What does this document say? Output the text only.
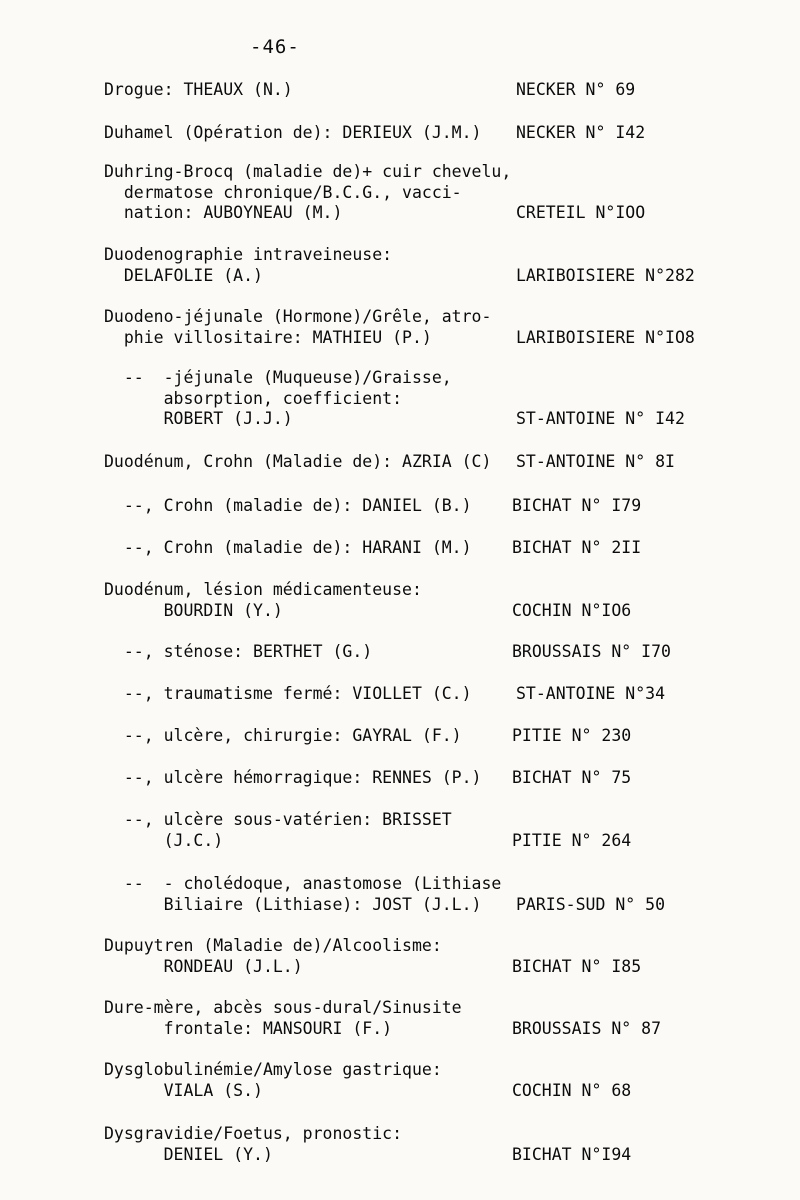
-46-
Drogue: THEAUX (N.)	NECKER N° 69
Duhamel (Opération de): DERIEUX (J.M.) NECKER N° I42
Duhring-Brocq (maladie de)+ cuir chevelu,
dermatose chronique/B.C.G., vacci-
nation: AUBOYNEAU (M.)	CRETEIL N°IOO
Duodenographie intraveineuse:
DELAFOLIE (A.)	LARIBOISIERE N°282
Duodeno-jéjunale (Hormone)/Grêle, atro-
phie villositaire: MATHIEU (P.)	LARIBOISIERE N°IO8
--  -jéjunale (Muqueuse)/Graisse,
absorption, coefficient:
ROBERT (J.J.)	ST-ANTOINE N° I42
Duodénum, Crohn (Maladie de): AZRIA (C) ST-ANTOINE N° 8I
--, Crohn (maladie de): DANIEL (B.) BICHAT N° I79
--, Crohn (maladie de): HARANI (M.) BICHAT N° 2II
Duodénum, lésion médicamenteuse:
BOURDIN (Y.)	COCHIN N°IO6
--, sténose: BERTHET (G.)	BROUSSAIS N° I70
--, traumatisme fermé: VIOLLET (C.)	ST-ANTOINE N°34
--, ulcère, chirurgie: GAYRAL (F.)	PITIE N° 230
--, ulcère hémorragique: RENNES (P.) BICHAT N° 75
--, ulcère sous-vatérien: BRISSET
(J.C.)	PITIE N° 264
--  - cholédoque, anastomose (Lithiase
Biliaire (Lithiase): JOST (J.L.) PARIS-SUD N° 50
Dupuytren (Maladie de)/Alcoolisme:
RONDEAU (J.L.)	BICHAT N° I85
Dure-mère, abcès sous-dural/Sinusite
frontale: MANSOURI (F.)	BROUSSAIS N° 87
Dysglobulinémie/Amylose gastrique:
VIALA (S.)	COCHIN N° 68
Dysgravidie/Foetus, pronostic:
DENIEL (Y.)	BICHAT N°I94
